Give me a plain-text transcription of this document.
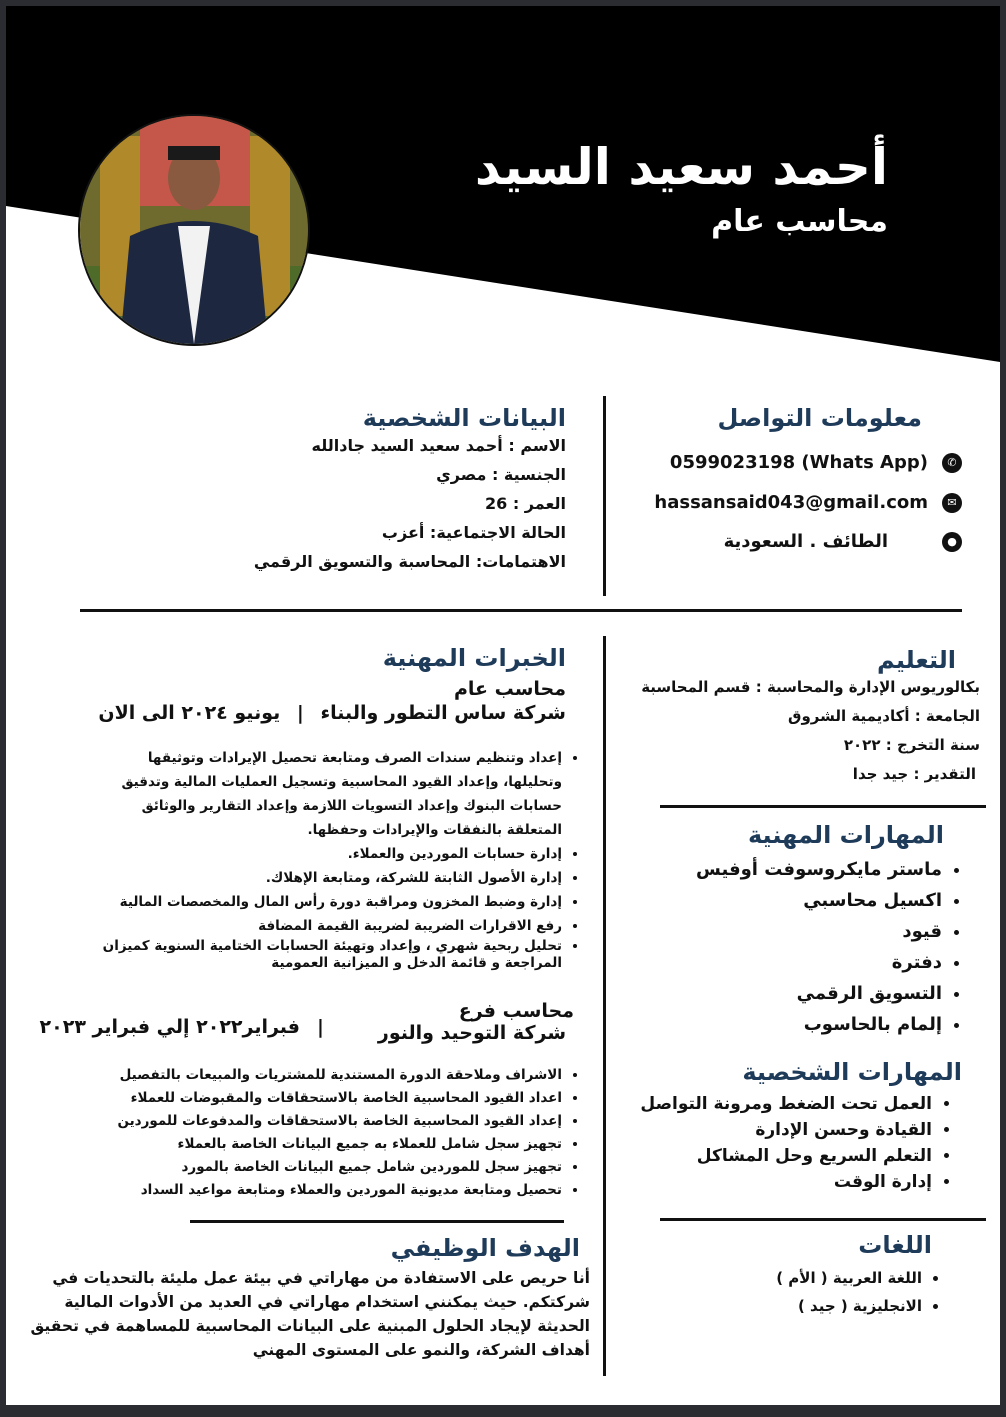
أحمد سعيد السيد
محاسب عام
معلومات التواصل
✆
0599023198 (Whats App)
✉
hassansaid043@gmail.com
●
الطائف . السعودية
البيانات الشخصية
الاسم : أحمد سعيد السيد جادالله
الجنسية : مصري
العمر : 26
الحالة الاجتماعية: أعزب
الاهتمامات: المحاسبة والتسويق الرقمي
التعليم
بكالوريوس الإدارة والمحاسبة : قسم المحاسبة
الجامعة : أكاديمية الشروق
سنة التخرج : ٢٠٢٢
التقدير : جيد جدا
المهارات المهنية
• ماستر مايكروسوفت أوفيس
• اكسيل محاسبي
• قيود
• دفترة
• التسويق الرقمي
• إلمام بالحاسوب
المهارات الشخصية
• العمل تحت الضغط ومرونة التواصل
• القيادة وحسن الإدارة
• التعلم السريع وحل المشاكل
• إدارة الوقت
اللغات
• اللغة العربية ( الأم )
• الانجليزية ( جيد )
الخبرات المهنية
محاسب عام
شركة ساس التطور والبناء | يونيو ٢٠٢٤ الى الان
• إعداد وتنظيم سندات الصرف ومتابعة تحصيل الإيرادات وتوثيقها وتحليلها، وإعداد القيود المحاسبية وتسجيل العمليات المالية وتدقيق حسابات البنوك وإعداد التسويات اللازمة وإعداد التقارير والوثائق المتعلقة بالنفقات والإيرادات وحفظها.
• إدارة حسابات الموردين والعملاء.
• إدارة الأصول الثابتة للشركة، ومتابعة الإهلاك.
• إدارة وضبط المخزون ومراقبة دورة رأس المال والمخصصات المالية
• رفع الاقرارات الضريبة لضريبة القيمة المضافة
• تحليل ربحية شهري ، وإعداد وتهيئة الحسابات الختامية السنوية كميزان المراجعة و قائمة الدخل و الميزانية العمومية
محاسب فرع
شركة التوحيد والنور
|
فبراير٢٠٢٢ إلي فبراير ٢٠٢٣
• الاشراف وملاحقة الدورة المستندية للمشتريات والمبيعات بالتفصيل
• اعداد القيود المحاسبية الخاصة بالاستحقاقات والمقبوضات للعملاء
• إعداد القيود المحاسبية الخاصة بالاستحقاقات والمدفوعات للموردين
• تجهيز سجل شامل للعملاء به جميع البيانات الخاصة بالعملاء
• تجهيز سجل للموردين شامل جميع البيانات الخاصة بالمورد
• تحصيل ومتابعة مديونية الموردين والعملاء ومتابعة مواعيد السداد
الهدف الوظيفي
أنا حريص على الاستفادة من مهاراتي في بيئة عمل مليئة بالتحديات في شركتكم. حيث يمكنني استخدام مهاراتي في العديد من الأدوات المالية الحديثة لإيجاد الحلول المبنية على البيانات المحاسبية للمساهمة في تحقيق أهداف الشركة، والنمو على المستوى المهني
